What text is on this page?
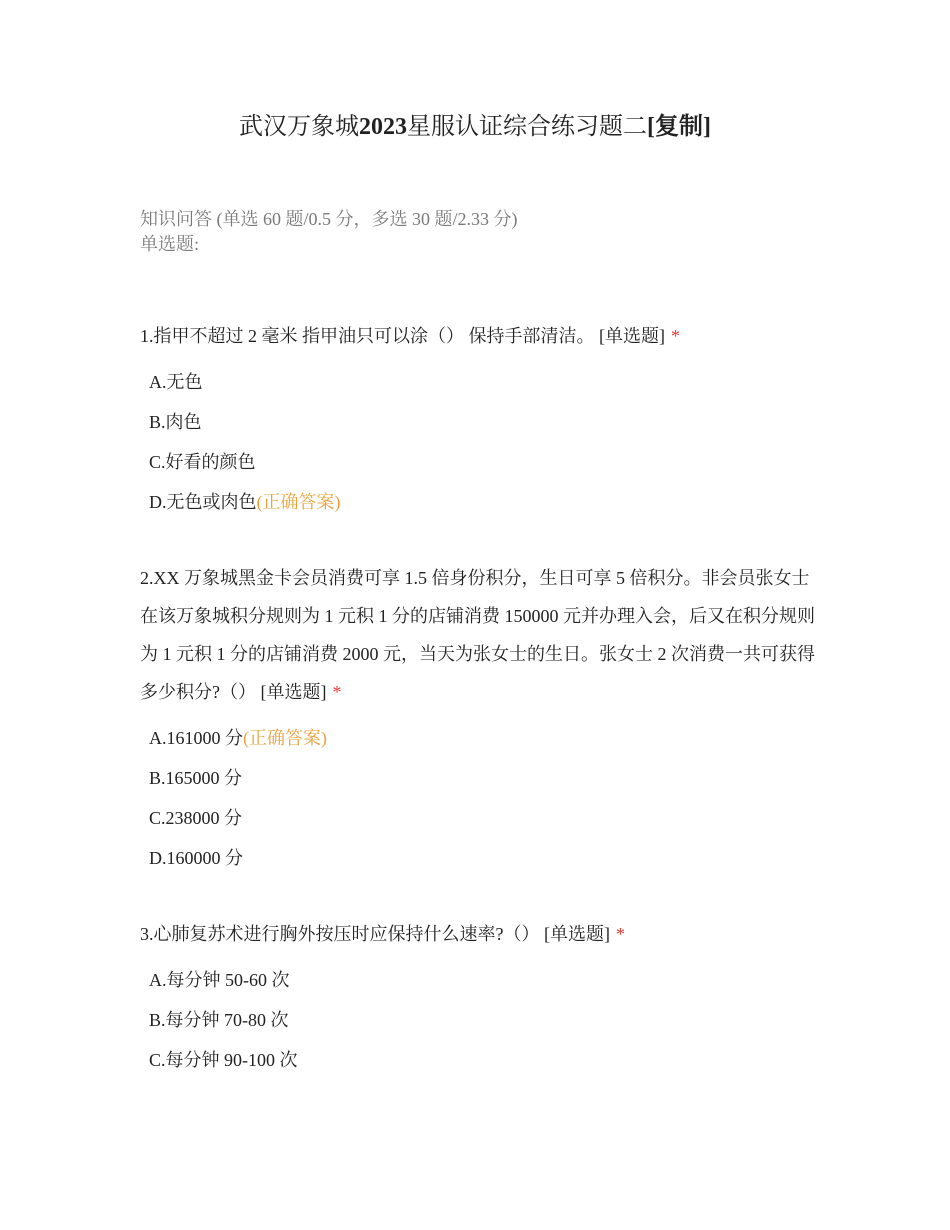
武汉万象城2023星服认证综合练习题二[复制]
知识问答 (单选 60 题/0.5 分，多选 30 题/2.33 分)
单选题:
1.指甲不超过 2 毫米 指甲油只可以涂（） 保持手部清洁。 [单选题] *
A.无色
B.肉色
C.好看的颜色
D.无色或肉色(正确答案)
2.XX 万象城黑金卡会员消费可享 1.5 倍身份积分，生日可享 5 倍积分。非会员张女士在该万象城积分规则为 1 元积 1 分的店铺消费 150000 元并办理入会，后又在积分规则为 1 元积 1 分的店铺消费 2000 元，当天为张女士的生日。张女士 2 次消费一共可获得多少积分?（） [单选题] *
A.161000 分(正确答案)
B.165000 分
C.238000 分
D.160000 分
3.心肺复苏术进行胸外按压时应保持什么速率?（） [单选题] *
A.每分钟 50-60 次
B.每分钟 70-80 次
C.每分钟 90-100 次
